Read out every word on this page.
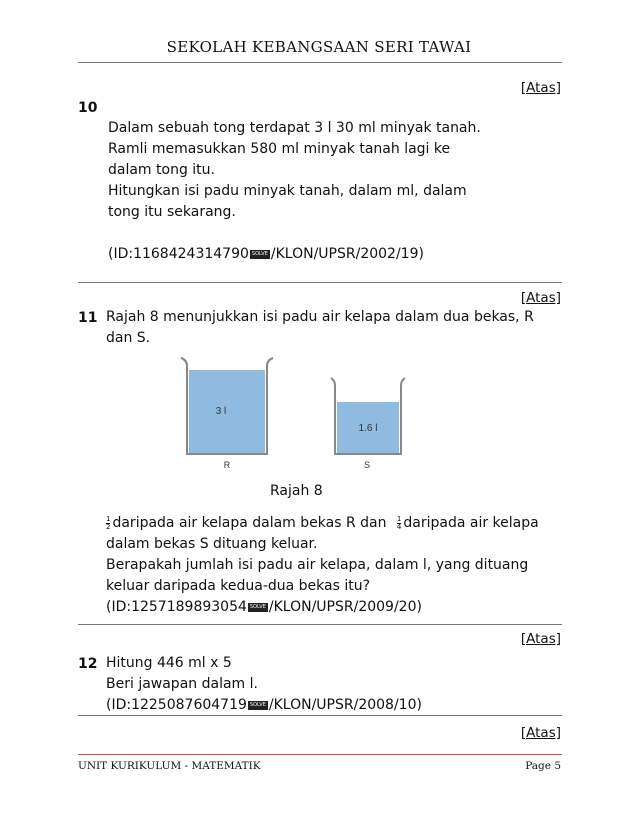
SEKOLAH KEBANGSAAN SERI TAWAI
[Atas]
10
Dalam sebuah tong terdapat 3 l 30 ml minyak tanah.
Ramli memasukkan 580 ml minyak tanah lagi ke
dalam tong itu.
Hitungkan isi padu minyak tanah, dalam ml, dalam
tong itu sekarang.
(ID:1168424314790 SOLVE /KLON/UPSR/2002/19)
[Atas]
11 Rajah 8 menunjukkan isi padu air kelapa dalam dua bekas, R
dan S.
3 l
R
1.6 l
S
Rajah 8
$\frac{1}{2}$ daripada air kelapa dalam bekas R dan $\frac{1}{4}$ daripada air kelapa
dalam bekas S dituang keluar.
Berapakah jumlah isi padu air kelapa, dalam l, yang dituang
keluar daripada kedua-dua bekas itu?
(ID:1257189893054 SOLVE /KLON/UPSR/2009/20)
[Atas]
12 Hitung 446 ml x 5
Beri jawapan dalam l.
(ID:1225087604719 SOLVE /KLON/UPSR/2008/10)
[Atas]
UNIT KURIKULUM - MATEMATIK	Page 5
